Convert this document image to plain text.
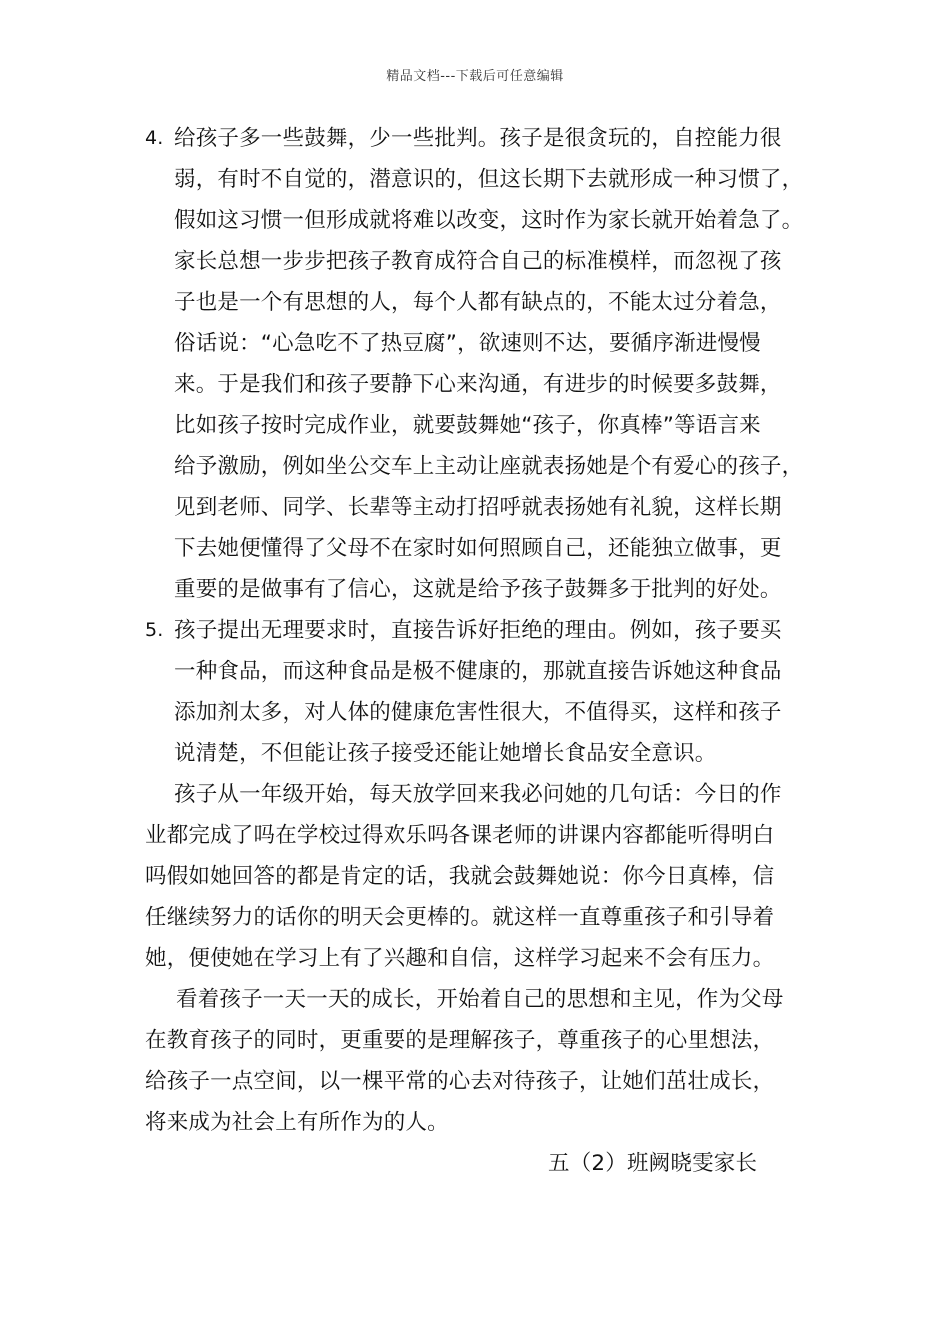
精品文档---下载后可任意编辑
4. 给孩子多一些鼓舞，少一些批判。孩子是很贪玩的，自控能力很
弱，有时不自觉的，潜意识的，但这长期下去就形成一种习惯了，
假如这习惯一但形成就将难以改变，这时作为家长就开始着急了。
家长总想一步步把孩子教育成符合自己的标准模样，而忽视了孩
子也是一个有思想的人，每个人都有缺点的，不能太过分着急，
俗话说：“心急吃不了热豆腐”，欲速则不达，要循序渐进慢慢
来。于是我们和孩子要静下心来沟通，有进步的时候要多鼓舞，
比如孩子按时完成作业，就要鼓舞她“孩子，你真棒”等语言来
给予激励，例如坐公交车上主动让座就表扬她是个有爱心的孩子，
见到老师、同学、长辈等主动打招呼就表扬她有礼貌，这样长期
下去她便懂得了父母不在家时如何照顾自己，还能独立做事，更
重要的是做事有了信心，这就是给予孩子鼓舞多于批判的好处。
5. 孩子提出无理要求时，直接告诉好拒绝的理由。例如，孩子要买
一种食品，而这种食品是极不健康的，那就直接告诉她这种食品
添加剂太多，对人体的健康危害性很大，不值得买，这样和孩子
说清楚，不但能让孩子接受还能让她增长食品安全意识。
孩子从一年级开始，每天放学回来我必问她的几句话：今日的作
业都完成了吗在学校过得欢乐吗各课老师的讲课内容都能听得明白
吗假如她回答的都是肯定的话，我就会鼓舞她说：你今日真棒，信
任继续努力的话你的明天会更棒的。就这样一直尊重孩子和引导着
她，便使她在学习上有了兴趣和自信，这样学习起来不会有压力。
看着孩子一天一天的成长，开始着自己的思想和主见，作为父母
在教育孩子的同时，更重要的是理解孩子，尊重孩子的心里想法，
给孩子一点空间，以一棵平常的心去对待孩子，让她们茁壮成长，
将来成为社会上有所作为的人。
五（2）班阙晓雯家长
